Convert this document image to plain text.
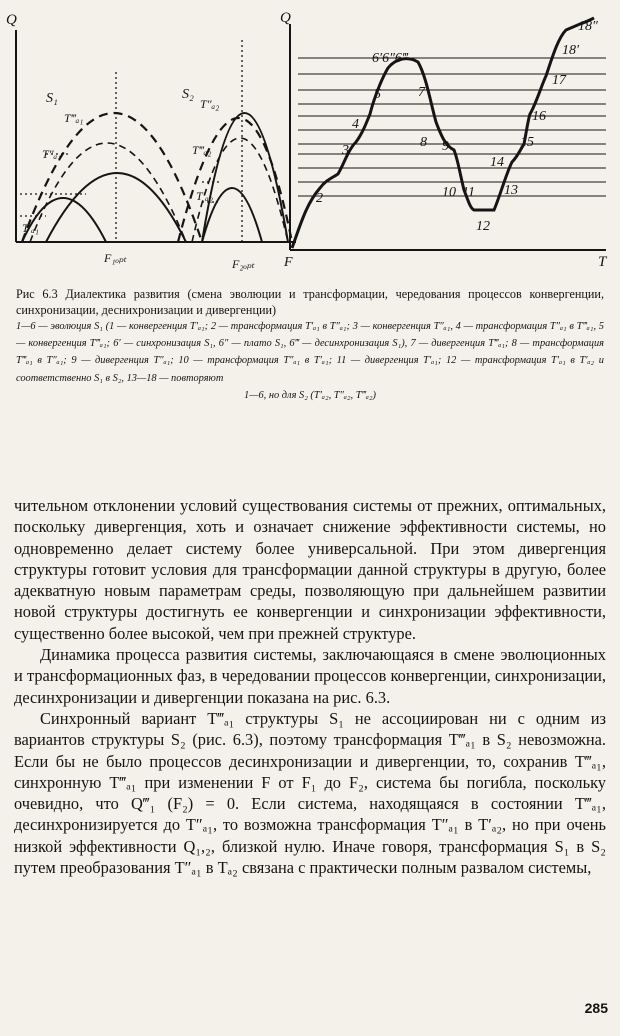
Q	Q
T
F₁ₒₚₜ	F₂ₒₚₜ F
S₁	S₂
T‴ₐ₁
T″ₐ₁
T′ₐ₁
T″ₐ₂
T‴ₐ₂
T′ₐ₂	2
3
4
5
6′6″6‴
7
8 9
10 11
12
13
14
15
16
17
18′
18″
Рис 6.3 Диалектика развития (смена эволюции и трансформации, чередования процессов конвергенции, синхронизации, деснихронизации и дивергенции)
1—6 — эволюция S₁ (1 — конвергенция T′ₐ₁; 2 — трансформация T′ₐ₁ в T″ₐ₁; 3 — конвергенция T″ₐ₁, 4 — трансформация T″ₐ₁ в T‴ₐ₁, 5 — конвергенция T‴ₐ₁; 6′ — синхронизация S₁, 6″ — плато S₁, 6‴ — десинхронизация S₁), 7 — дивергенция T‴ₐ₁; 8 — трансформация T‴ₐ₁ в T″ₐ₁; 9 — дивергенция T″ₐ₁; 10 — трансформация T″ₐ₁ в T′ₐ₁; 11 — дивергенция T′ₐ₁; 12 — трансформация T′ₐ₁ в T′ₐ₂ и соответственно S₁ в S₂, 13—18 — повторяют
1—6, но для S₂ (T′ₐ₂, T″ₐ₂, T‴ₐ₂)

чительном отклонении условий существования системы от прежних, оптимальных, поскольку дивергенция, хоть и означает снижение эффективности системы, но одновременно делает систему более универсальной. При этом дивергенция структуры готовит условия для трансформации данной структуры в другую, более адекватную новым параметрам среды, позволяющую при дальнейшем развитии новой структуры достигнуть ее конвергенции и синхронизации эффективности, существенно более высокой, чем при прежней структуре.

Динамика процесса развития системы, заключающаяся в смене эволюционных и трансформационных фаз, в чередовании процессов конвергенции, синхронизации, десинхронизации и дивергенции показана на рис. 6.3.

Синхронный вариант T‴ₐ₁ структуры S₁ не ассоциирован ни с одним из вариантов структуры S₂ (рис. 6.3), поэтому трансформация T‴ₐ₁ в S₂ невозможна. Если бы не было процессов десинхронизации и дивергенции, то, сохранив T‴ₐ₁, синхронную T‴ₐ₁ при изменении F от F₁ до F₂, система бы погибла, поскольку очевидно, что Q‴₁ (F₂) = 0. Если система, находящаяся в состоянии T‴ₐ₁, десинхронизируется до T″ₐ₁, то возможна трансформация T″ₐ₁ в T′ₐ₂, но при очень низкой эффективности Q₁,₂, близкой нулю. Иначе говоря, трансформация S₁ в S₂ путем преобразования T″ₐ₁ в Tₐ₂ связана с практически полным развалом системы,

285
